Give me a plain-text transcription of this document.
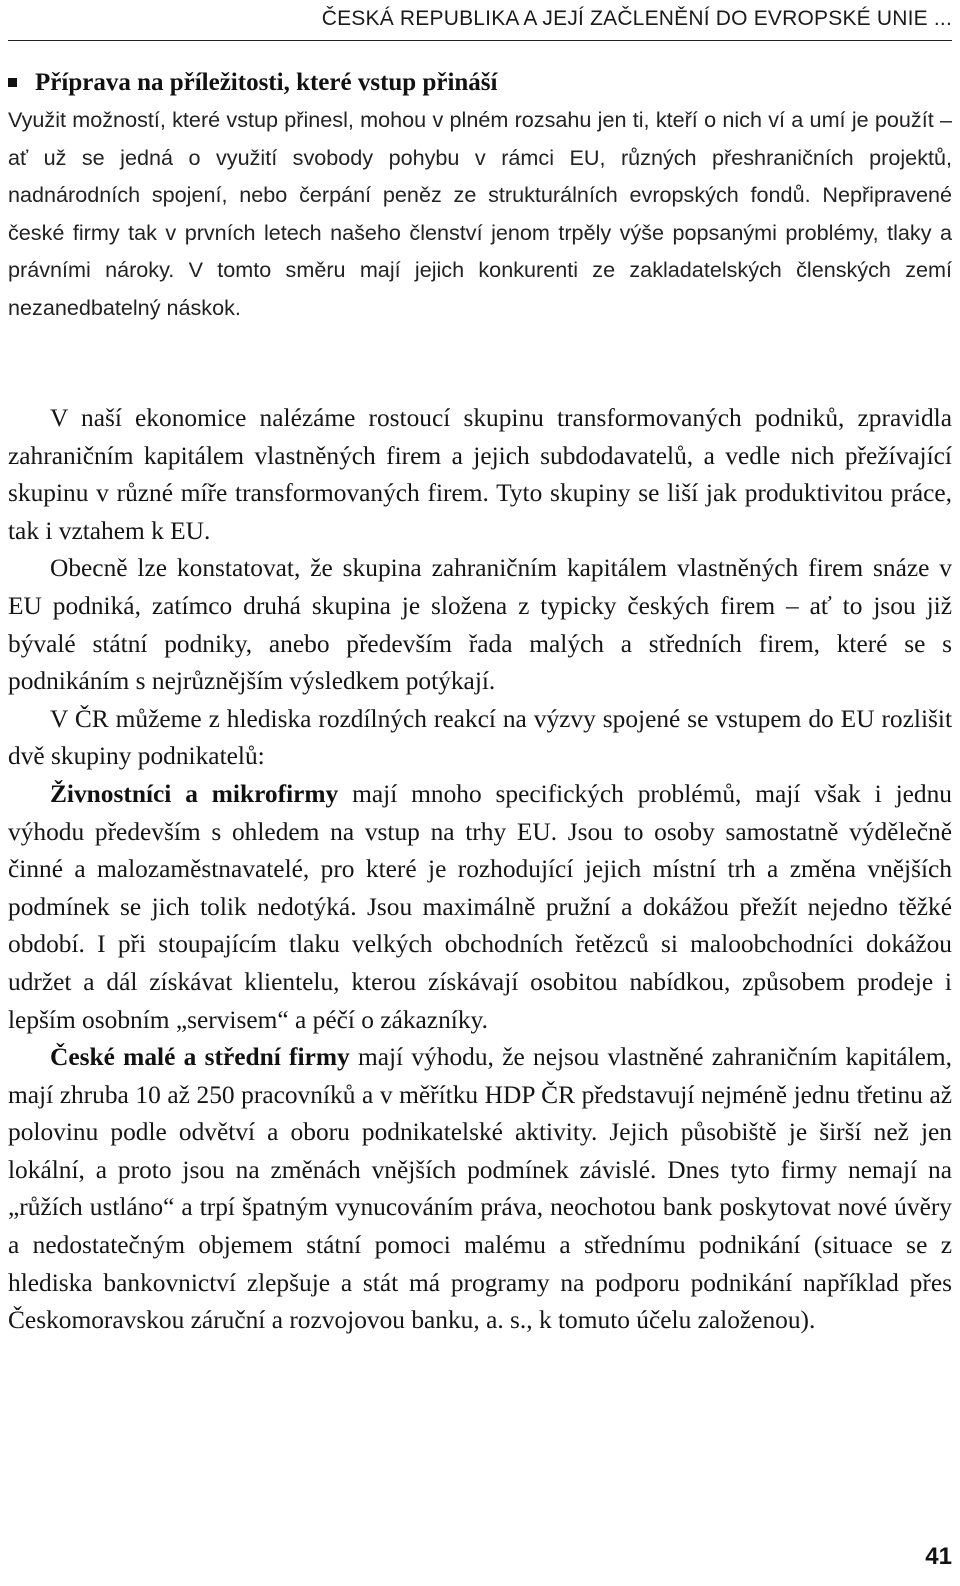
ČESKÁ REPUBLIKA A JEJÍ ZAČLENĚNÍ DO EVROPSKÉ UNIE ...
Příprava na příležitosti, které vstup přináší

Využit možností, které vstup přinesl, mohou v plném rozsahu jen ti, kteří o nich ví a umí je použít – ať už se jedná o využití svobody pohybu v rámci EU, různých přeshraničních projektů, nadnárodních spojení, nebo čerpání peněz ze strukturálních evropských fondů. Nepřipravené české firmy tak v prvních letech našeho členství jenom trpěly výše popsanými problémy, tlaky a právními nároky. V tomto směru mají jejich konkurenti ze zakladatelských členských zemí nezanedbatelný náskok.

V naší ekonomice nalézáme rostoucí skupinu transformovaných podniků, zpravidla zahraničním kapitálem vlastněných firem a jejich subdodavatelů, a vedle nich přežívající skupinu v různé míře transformovaných firem. Tyto skupiny se liší jak produktivitou práce, tak i vztahem k EU.

Obecně lze konstatovat, že skupina zahraničním kapitálem vlastněných firem snáze v EU podniká, zatímco druhá skupina je složena z typicky českých firem – ať to jsou již bývalé státní podniky, anebo především řada malých a středních firem, které se s podnikáním s nejrůznějším výsledkem potýkají.

V ČR můžeme z hlediska rozdílných reakcí na výzvy spojené se vstupem do EU rozlišit dvě skupiny podnikatelů:

Živnostníci a mikrofirmy mají mnoho specifických problémů, mají však i jednu výhodu především s ohledem na vstup na trhy EU. Jsou to osoby samostatně výdělečně činné a malozaměstnavatelé, pro které je rozhodující jejich místní trh a změna vnějších podmínek se jich tolik nedotýká. Jsou maximálně pružní a dokážou přežít nejedno těžké období. I při stoupajícím tlaku velkých obchodních řetězců si maloobchodníci dokážou udržet a dál získávat klientelu, kterou získávají osobitou nabídkou, způsobem prodeje i lepším osobním „servisem“ a péčí o zákazníky.

České malé a střední firmy mají výhodu, že nejsou vlastněné zahraničním kapitálem, mají zhruba 10 až 250 pracovníků a v měřítku HDP ČR představují nejméně jednu třetinu až polovinu podle odvětví a oboru podnikatelské aktivity. Jejich působiště je širší než jen lokální, a proto jsou na změnách vnějších podmínek závislé. Dnes tyto firmy nemají na „růžích ustláno“ a trpí špatným vynucováním práva, neochotou bank poskytovat nové úvěry a nedostatečným objemem státní pomoci malému a střednímu podnikání (situace se z hlediska bankovnictví zlepšuje a stát má programy na podporu podnikání například přes Českomoravskou záruční a rozvojovou banku, a. s., k tomuto účelu založenou).

41
